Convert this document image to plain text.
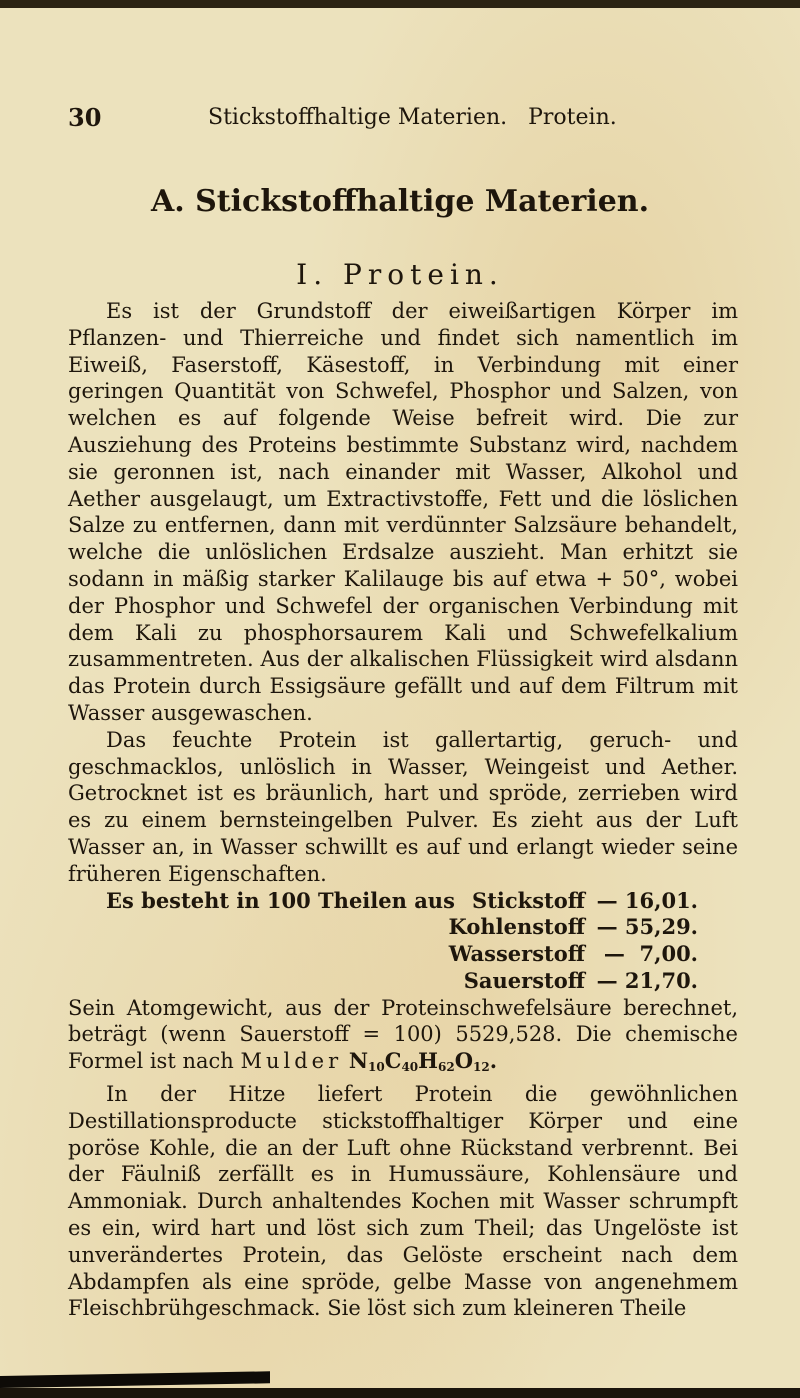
30	Stickstoffhaltige Materien.   Protein.
A. Stickstoffhaltige Materien.
I. Protein.

Es ist der Grundstoff der eiweißartigen Körper im Pflanzen- und Thierreiche und findet sich namentlich im Eiweiß, Faserstoff, Käsestoff, in Verbindung mit einer geringen Quantität von Schwefel, Phosphor und Salzen, von welchen es auf folgende Weise befreit wird. Die zur Ausziehung des Proteins bestimmte Substanz wird, nachdem sie geronnen ist, nach einander mit Wasser, Alkohol und Aether ausgelaugt, um Extractivstoffe, Fett und die löslichen Salze zu entfernen, dann mit verdünnter Salzsäure behandelt, welche die unlöslichen Erdsalze auszieht. Man erhitzt sie sodann in mäßig starker Kalilauge bis auf etwa + 50°, wobei der Phosphor und Schwefel der organischen Verbindung mit dem Kali zu phosphorsaurem Kali und Schwefelkalium zusammentreten. Aus der alkalischen Flüssigkeit wird alsdann das Protein durch Essigsäure gefällt und auf dem Filtrum mit Wasser ausgewaschen.

Das feuchte Protein ist gallertartig, geruch- und geschmacklos, unlöslich in Wasser, Weingeist und Aether. Getrocknet ist es bräunlich, hart und spröde, zerrieben wird es zu einem bernsteingelben Pulver. Es zieht aus der Luft Wasser an, in Wasser schwillt es auf und erlangt wieder seine früheren Eigenschaften.

Es besteht in 100 Theilen aus Stickstoff — 16,01.
Kohlenstoff — 55,29.
Wasserstoff —  7,00.
Sauerstoff — 21,70.

Sein Atomgewicht, aus der Proteinschwefelsäure berechnet, beträgt (wenn Sauerstoff = 100) 5529,528. Die chemische Formel ist nach Mulder $N_{10}C_{40}H_{62}O_{12}$.

In der Hitze liefert Protein die gewöhnlichen Destillationsproducte stickstoffhaltiger Körper und eine poröse Kohle, die an der Luft ohne Rückstand verbrennt. Bei der Fäulniß zerfällt es in Humussäure, Kohlensäure und Ammoniak. Durch anhaltendes Kochen mit Wasser schrumpft es ein, wird hart und löst sich zum Theil; das Ungelöste ist unverändertes Protein, das Gelöste erscheint nach dem Abdampfen als eine spröde, gelbe Masse von angenehmem Fleischbrühgeschmack. Sie löst sich zum kleineren Theile
